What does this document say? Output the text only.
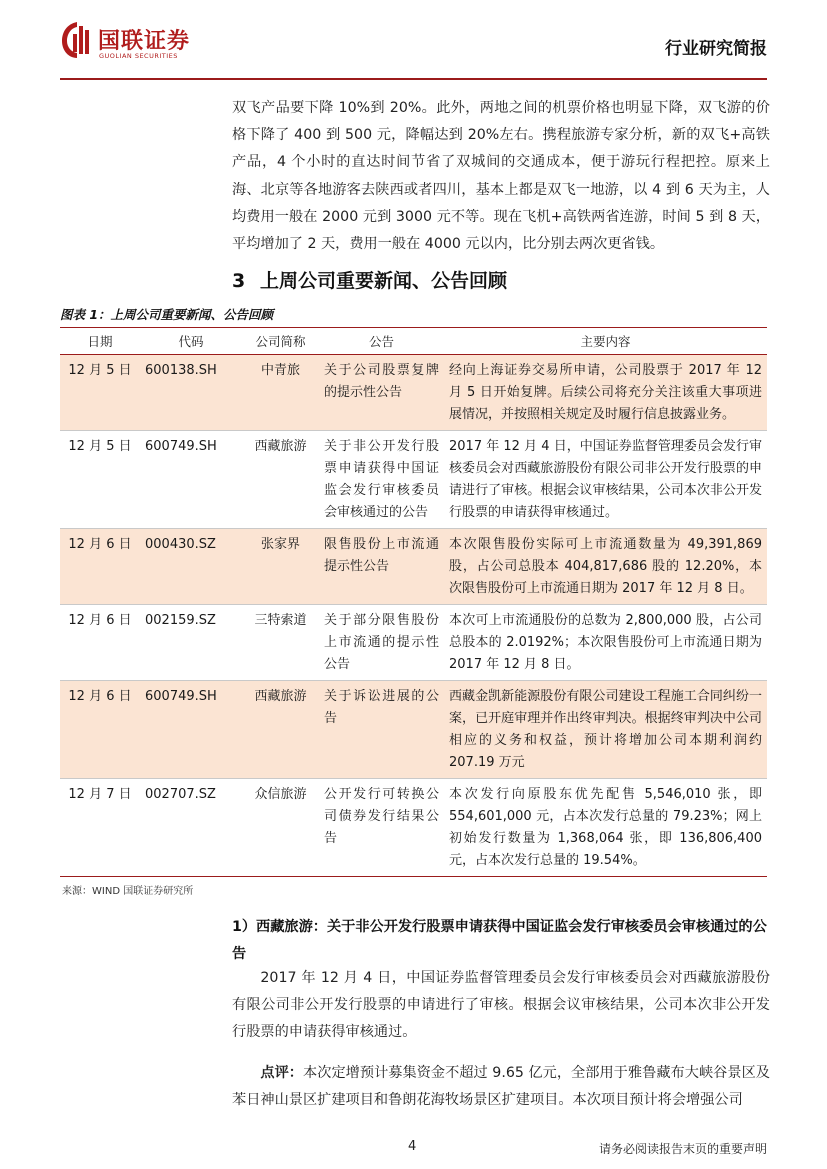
国联证券
GUOLIAN SECURITIES	行业研究简报

双飞产品要下降 10%到 20%。此外，两地之间的机票价格也明显下降，双飞游的价格下降了 400 到 500 元，降幅达到 20%左右。携程旅游专家分析，新的双飞+高铁产品，4 个小时的直达时间节省了双城间的交通成本，便于游玩行程把控。原来上海、北京等各地游客去陕西或者四川，基本上都是双飞一地游，以 4 到 6 天为主，人均费用一般在 2000 元到 3000 元不等。现在飞机+高铁两省连游，时间 5 到 8 天，平均增加了 2 天，费用一般在 4000 元以内，比分别去两次更省钱。

3 上周公司重要新闻、公告回顾
图表 1：上周公司重要新闻、公告回顾
日期	代码	公司简称	公告	主要内容
12 月 5 日	600138.SH	中青旅	关于公司股票复牌的提示性公告	经向上海证券交易所申请，公司股票于 2017 年 12 月 5 日开始复牌。后续公司将充分关注该重大事项进展情况，并按照相关规定及时履行信息披露业务。
12 月 5 日	600749.SH	西藏旅游	关于非公开发行股票申请获得中国证监会发行审核委员会审核通过的公告	2017 年 12 月 4 日，中国证券监督管理委员会发行审核委员会对西藏旅游股份有限公司非公开发行股票的申请进行了审核。根据会议审核结果，公司本次非公开发行股票的申请获得审核通过。
12 月 6 日	000430.SZ	张家界	限售股份上市流通提示性公告	本次限售股份实际可上市流通数量为 49,391,869 股，占公司总股本 404,817,686 股的 12.20%，本次限售股份可上市流通日期为 2017 年 12 月 8 日。
12 月 6 日	002159.SZ	三特索道	关于部分限售股份上市流通的提示性公告	本次可上市流通股份的总数为 2,800,000 股，占公司总股本的 2.0192%；本次限售股份可上市流通日期为 2017 年 12 月 8 日。
12 月 6 日	600749.SH	西藏旅游	关于诉讼进展的公告	西藏金凯新能源股份有限公司建设工程施工合同纠纷一案，已开庭审理并作出终审判决。根据终审判决中公司相应的义务和权益，预计将增加公司本期利润约 207.19 万元
12 月 7 日	002707.SZ	众信旅游	公开发行可转换公司债券发行结果公告	本次发行向原股东优先配售 5,546,010 张，即 554,601,000 元，占本次发行总量的 79.23%；网上初始发行数量为 1,368,064 张，即 136,806,400 元，占本次发行总量的 19.54%。
来源：WIND 国联证券研究所
1）西藏旅游：关于非公开发行股票申请获得中国证监会发行审核委员会审核通过的公告

2017 年 12 月 4 日，中国证券监督管理委员会发行审核委员会对西藏旅游股份有限公司非公开发行股票的申请进行了审核。根据会议审核结果，公司本次非公开发行股票的申请获得审核通过。

点评：本次定增预计募集资金不超过 9.65 亿元，全部用于雅鲁藏布大峡谷景区及苯日神山景区扩建项目和鲁朗花海牧场景区扩建项目。本次项目预计将会增强公司

4	请务必阅读报告末页的重要声明
